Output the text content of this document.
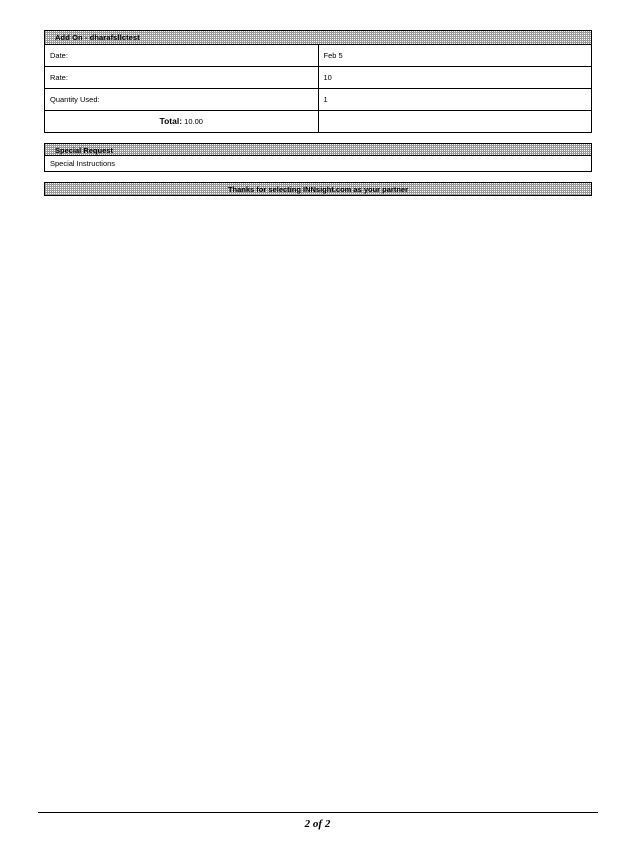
Add On - dharafsllctest	

Date:	Feb 5
Rate:	10
Quantity Used:	1
Total: 10.00	
Special Request
Special Instructions
Thanks for selecting INNsight.com as your partner
2 of 2
